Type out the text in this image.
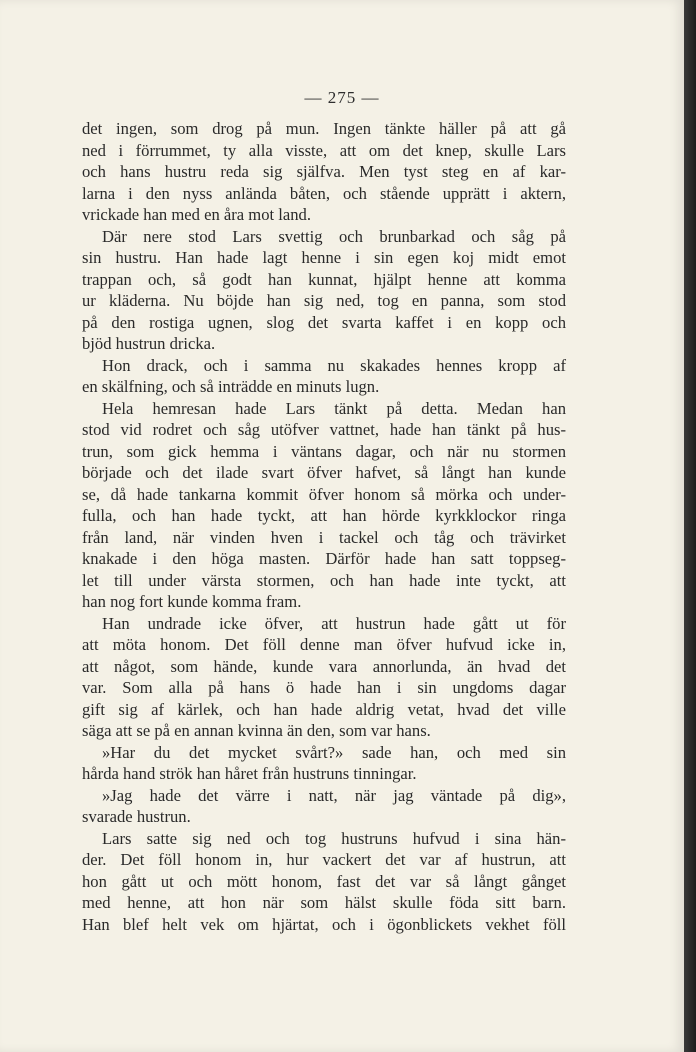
— 275 —
det ingen, som drog på mun. Ingen tänkte häller på att gå
ned i förrummet, ty alla visste, att om det knep, skulle Lars
och hans hustru reda sig själfva. Men tyst steg en af kar-
larna i den nyss anlända båten, och stående upprätt i aktern,
vrickade han med en åra mot land.
Där nere stod Lars svettig och brunbarkad och såg på
sin hustru. Han hade lagt henne i sin egen koj midt emot
trappan och, så godt han kunnat, hjälpt henne att komma
ur kläderna. Nu böjde han sig ned, tog en panna, som stod
på den rostiga ugnen, slog det svarta kaffet i en kopp och
bjöd hustrun dricka.
Hon drack, och i samma nu skakades hennes kropp af
en skälfning, och så inträdde en minuts lugn.
Hela hemresan hade Lars tänkt på detta. Medan han
stod vid rodret och såg utöfver vattnet, hade han tänkt på hus-
trun, som gick hemma i väntans dagar, och när nu stormen
började och det ilade svart öfver hafvet, så långt han kunde
se, då hade tankarna kommit öfver honom så mörka och under-
fulla, och han hade tyckt, att han hörde kyrkklockor ringa
från land, när vinden hven i tackel och tåg och trävirket
knakade i den höga masten. Därför hade han satt toppseg-
let till under värsta stormen, och han hade inte tyckt, att
han nog fort kunde komma fram.
Han undrade icke öfver, att hustrun hade gått ut för
att möta honom. Det föll denne man öfver hufvud icke in,
att något, som hände, kunde vara annorlunda, än hvad det
var. Som alla på hans ö hade han i sin ungdoms dagar
gift sig af kärlek, och han hade aldrig vetat, hvad det ville
säga att se på en annan kvinna än den, som var hans.
»Har du det mycket svårt?» sade han, och med sin
hårda hand strök han håret från hustruns tinningar.
»Jag hade det värre i natt, när jag väntade på dig»,
svarade hustrun.
Lars satte sig ned och tog hustruns hufvud i sina hän-
der. Det föll honom in, hur vackert det var af hustrun, att
hon gått ut och mött honom, fast det var så långt gånget
med henne, att hon när som hälst skulle föda sitt barn.
Han blef helt vek om hjärtat, och i ögonblickets vekhet föll
